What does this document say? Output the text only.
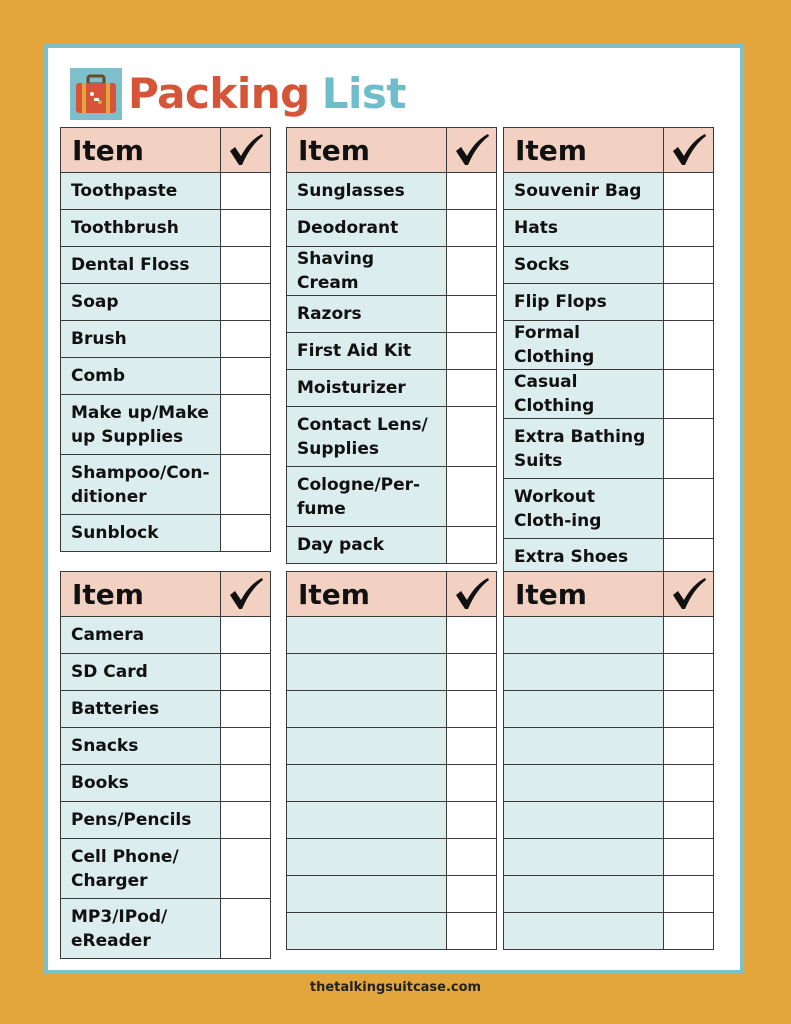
Packing List
Item	

Toothpaste	
Toothbrush	
Dental Floss	
Soap	
Brush	
Comb	
Make up/Make up Supplies	
Shampoo/Con-ditioner	
Sunblock	
Item	

Sunglasses	
Deodorant	
Shaving Cream	
Razors	
First Aid Kit	
Moisturizer	
Contact Lens/ Supplies	
Cologne/Per-fume	
Day pack	
Item	

Souvenir Bag	
Hats	
Socks	
Flip Flops	
Formal Clothing	
Casual Clothing	
Extra Bathing Suits	
Workout Cloth-ing	
Extra Shoes	
Item	

Camera	
SD Card	
Batteries	
Snacks	
Books	
Pens/Pencils	
Cell Phone/ Charger	
MP3/IPod/ eReader	
Item	

		Item	

thetalkingsuitcase.com
